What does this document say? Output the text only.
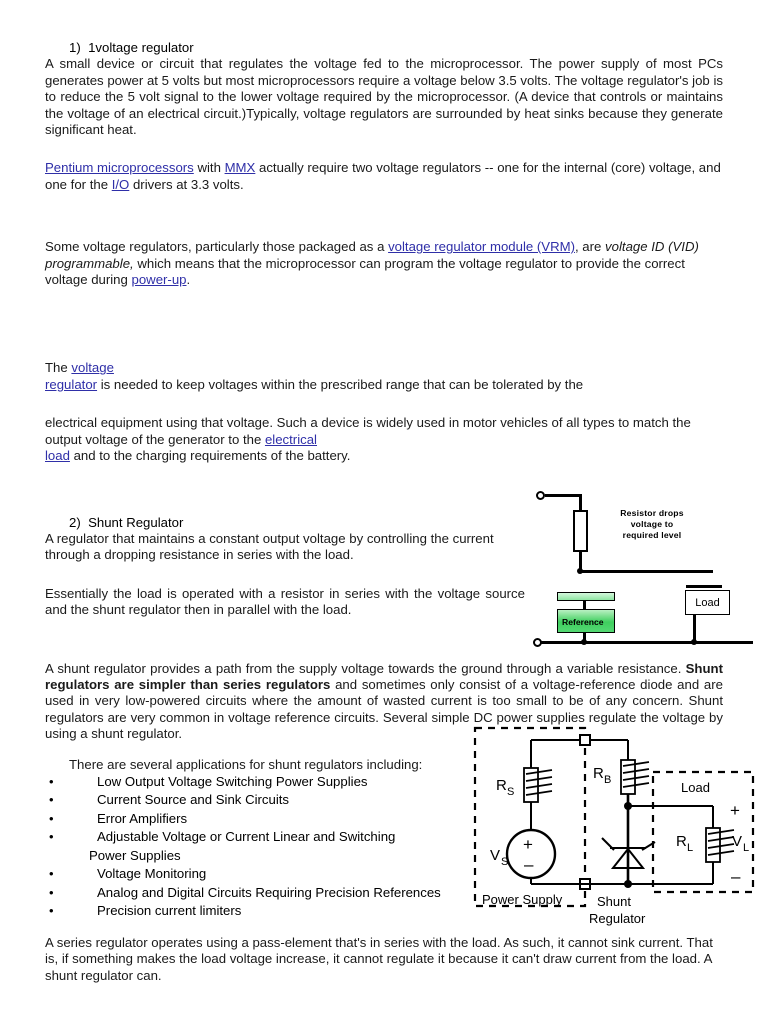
1) 1voltage regulator

A small device or circuit that regulates the voltage fed to the microprocessor. The power supply of most PCs generates power at 5 volts but most microprocessors require a voltage below 3.5 volts. The voltage regulator's job is to reduce the 5 volt signal to the lower voltage required by the microprocessor. (A device that controls or maintains the voltage of an electrical circuit.)Typically, voltage regulators are surrounded by heat sinks because they generate significant heat.

Pentium microprocessors with MMX actually require two voltage regulators -- one for the internal (core) voltage, and one for the I/O drivers at 3.3 volts.

Some voltage regulators, particularly those packaged as a voltage regulator module (VRM), are voltage ID (VID) programmable, which means that the microprocessor can program the voltage regulator to provide the correct voltage during power-up.

The voltage

regulator is needed to keep voltages within the prescribed range that can be tolerated by the

electrical equipment using that voltage. Such a device is widely used in motor vehicles of all types to match the output voltage of the generator to the electrical

load and to the charging requirements of the battery.

2) Shunt Regulator

A regulator that maintains a constant output voltage by controlling the current through a dropping resistance in series with the load.

Essentially the load is operated with a resistor in series with the voltage source and the shunt regulator then in parallel with the load.

A shunt regulator provides a path from the supply voltage towards the ground through a variable resistance. Shunt regulators are simpler than series regulators and sometimes only consist of a voltage-reference diode and are used in very low-powered circuits where the amount of wasted current is too small to be of any concern. Shunt regulators are very common in voltage reference circuits. Several simple DC power supplies regulate the voltage by using a shunt regulator.

There are several applications for shunt regulators including:

•	Low Output Voltage Switching Power Supplies
•	Current Source and Sink Circuits
•	Error Amplifiers
•	Adjustable Voltage or Current Linear and Switching
Power Supplies
•	Voltage Monitoring
•	Analog and Digital Circuits Requiring Precision References
•	Precision current limiters

A series regulator operates using a pass-element that's in series with the load. As such, it cannot sink current. That is, if something makes the load voltage increase, it cannot regulate it because it can't draw current from the load. A shunt regulator can.

Resistor drops
voltage to
required level
Reference
Load
R S
+
–
V S
R B
R L	V L
+
–
Load
Power Supply	Shunt
Regulator
